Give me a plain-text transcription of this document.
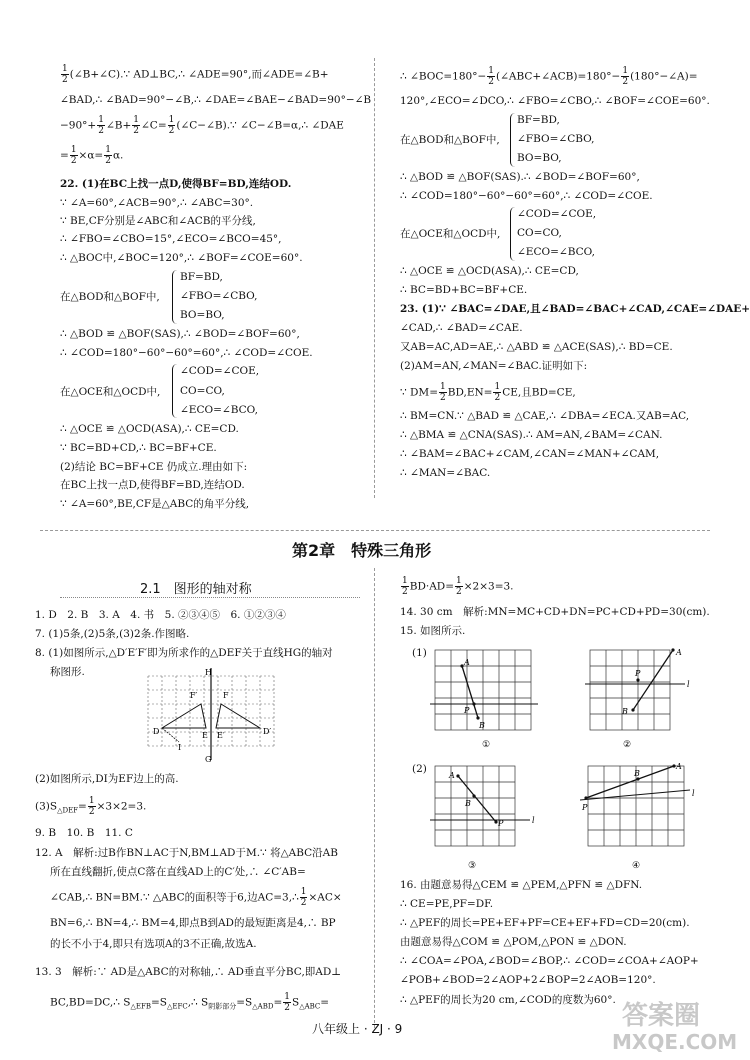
$\frac{1}{2}$ (∠B+∠C).∵ AD⊥BC,∴ ∠ADE=90°,而∠ADE=∠B+
∠BAD,∴ ∠BAD=90°−∠B,∴ ∠DAE=∠BAE−∠BAD=90°−∠B
$-90^\circ+ \frac{1}{2}$ ∠B+ $\frac{1}{2}$ ∠C= $\frac{1}{2}$ (∠C−∠B).∵ ∠C−∠B=α,∴ ∠DAE
= $\frac{1}{2} \times\alpha= \frac{1}{2} \alpha$.
22. (1)在BC上找一点D,使得BF=BD,连结OD.
∵ ∠A=60°,∠ACB=90°,∴ ∠ABC=30°.
∵ BE,CF分别是∠ABC和∠ACB的平分线,
∴ ∠FBO=∠CBO=15°,∠ECO=∠BCO=45°,
∴ △BOC中,∠BOC=120°,∴ ∠BOF=∠COE=60°.
在△BOD和△BOF中,
BF=BD,
∠FBO=∠CBO,
BO=BO,
∴ △BOD ≌ △BOF(SAS),∴ ∠BOD=∠BOF=60°,
∴ ∠COD=180°−60°−60°=60°,∴ ∠COD=∠COE.
在△OCE和△OCD中,
∠COD=∠COE,
CO=CO,
∠ECO=∠BCO,
∴ △OCE ≌ △OCD(ASA),∴ CE=CD.
∵ BC=BD+CD,∴ BC=BF+CE.
(2)结论 BC=BF+CE 仍成立.理由如下:
在BC上找一点D,使得BF=BD,连结OD.
∵ ∠A=60°,BE,CF是△ABC的角平分线,
∴ ∠BOC=180°− $\frac{1}{2}$ (∠ABC+∠ACB)=180°− $\frac{1}{2}$ (180°−∠A)=
120°,∠ECO=∠DCO,∴ ∠FBO=∠CBO,∴ ∠BOF=∠COE=60°.
在△BOD和△BOF中,
BF=BD,
∠FBO=∠CBO,
BO=BO,
∴ △BOD ≌ △BOF(SAS).∴ ∠BOD=∠BOF=60°,
∴ ∠COD=180°−60°−60°=60°,∴ ∠COD=∠COE.
在△OCE和△OCD中,
∠COD=∠COE,
CO=CO,
∠ECO=∠BCO,
∴ △OCE ≌ △OCD(ASA),∴ CE=CD,
∴ BC=BD+BC=BF+CE.
23. (1)∵ ∠BAC=∠DAE,且∠BAD=∠BAC+∠CAD,∠CAE=∠DAE+
∠CAD,∴ ∠BAD=∠CAE.
又AB=AC,AD=AE,∴ △ABD ≌ △ACE(SAS),∴ BD=CE.
(2)AM=AN,∠MAN=∠BAC.证明如下:
∵ $DM= \frac{1}{2} BD,EN= \frac{1}{2}$ CE,且BD=CE,
∴ BM=CN.∵ △BAD ≌ △CAE,∴ ∠DBA=∠ECA.又AB=AC,
∴ △BMA ≌ △CNA(SAS).∴ AM=AN,∠BAM=∠CAN.
∴ ∠BAM=∠BAC+∠CAM,∠CAN=∠MAN+∠CAM,
∴ ∠MAN=∠BAC.
第2章　特殊三角形
2.1　图形的轴对称
1. D　2. B　3. A　4. 书　5. ②③④⑤　6. ①②③④
7. (1)5条,(2)5条,(3)2条.作图略.
8. (1)如图所示,△D′E′F′即为所求作的△DEF关于直线HG的轴对
称图形.	H
F′	F
D	D′
E E′
I
G
(2)如图所示,DI为EF边上的高.
$(3)S_{\triangle DEF}= \frac{1}{2} \times 3\times 2=3$.
9. B　10. B　11. C
12. A　解析:过B作BN⊥AC于N,BM⊥AD于M.∵ 将△ABC沿AB
所在直线翻折,使点C落在直线AD上的C′处,∴ ∠C′AB=
∠CAB,∴ BN=BM.∵ △ABC的面积等于6,边AC=3,∴ $\frac{1}{2} \times AC\times$
BN=6,∴ BN=4,∴ BM=4,即点B到AD的最短距离是4,∴ BP
的长不小于4,即只有选项A的3不正确,故选A.
13. 3　解析:∵ AD是△ABC的对称轴,∴ AD垂直平分BC,即AD⊥
BC,BD=DC,∴ $S_{\triangle EFB}=S_{\triangle EFC},\therefore$ $S_{阴影部分}=S_{\triangle ABD}= \frac{1}{2} S_{\triangle ABC}=$
$\frac{1}{2} BD\cdot AD= \frac{1}{2} \times 2\times 3=3$.
14. 30 cm　解析:MN=MC+CD+DN=PC+CD+PD=30(cm).
15. 如图所示.
(1)
(2)
A
P
B
①
A
l
B
P
②
A
B
P	l
③
A
B
P
l
④
16. 由题意易得△CEM ≌ △PEM,△PFN ≌ △DFN.
∴ CE=PE,PF=DF.
∴ △PEF的周长=PE+EF+PF=CE+EF+FD=CD=20(cm).
由题意易得△COM ≌ △POM,△PON ≌ △DON.
∴ ∠COA=∠POA,∠BOD=∠BOP,∴ ∠COD=∠COA+∠AOP+
∠POB+∠BOD=2∠AOP+2∠BOP=2∠AOB=120°.
∴ △PEF的周长为20 cm,∠COD的度数为60°.
八年级上 · ZJ · 9	答案圈
MXQE.COM
